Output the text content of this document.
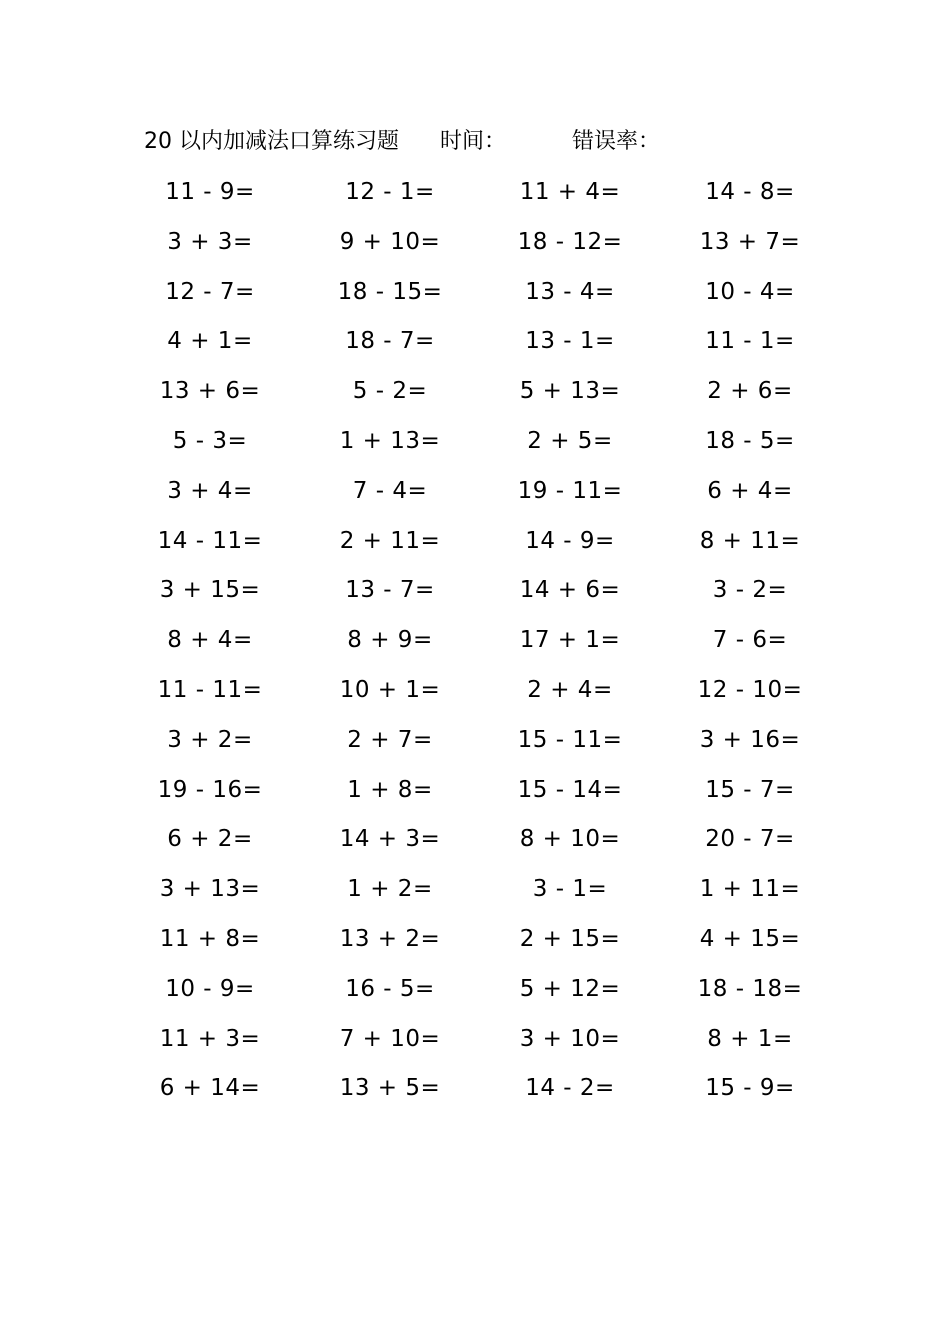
20 以内加减法口算练习题 时间：	错误率：
11 - 9=	12 - 1=	11 + 4=	14 - 8=
3 + 3=	9 + 10=	18 - 12=	13 + 7=
12 - 7=	18 - 15=	13 - 4=	10 - 4=
4 + 1=	18 - 7=	13 - 1=	11 - 1=
13 + 6=	5 - 2=	5 + 13=	2 + 6=
5 - 3=	1 + 13=	2 + 5=	18 - 5=
3 + 4=	7 - 4=	19 - 11=	6 + 4=
14 - 11=	2 + 11=	14 - 9=	8 + 11=
3 + 15=	13 - 7=	14 + 6=	3 - 2=
8 + 4=	8 + 9=	17 + 1=	7 - 6=
11 - 11=	10 + 1=	2 + 4=	12 - 10=
3 + 2=	2 + 7=	15 - 11=	3 + 16=
19 - 16=	1 + 8=	15 - 14=	15 - 7=
6 + 2=	14 + 3=	8 + 10=	20 - 7=
3 + 13=	1 + 2=	3 - 1=	1 + 11=
11 + 8=	13 + 2=	2 + 15=	4 + 15=
10 - 9=	16 - 5=	5 + 12=	18 - 18=
11 + 3=	7 + 10=	3 + 10=	8 + 1=
6 + 14=	13 + 5=	14 - 2=	15 - 9=
